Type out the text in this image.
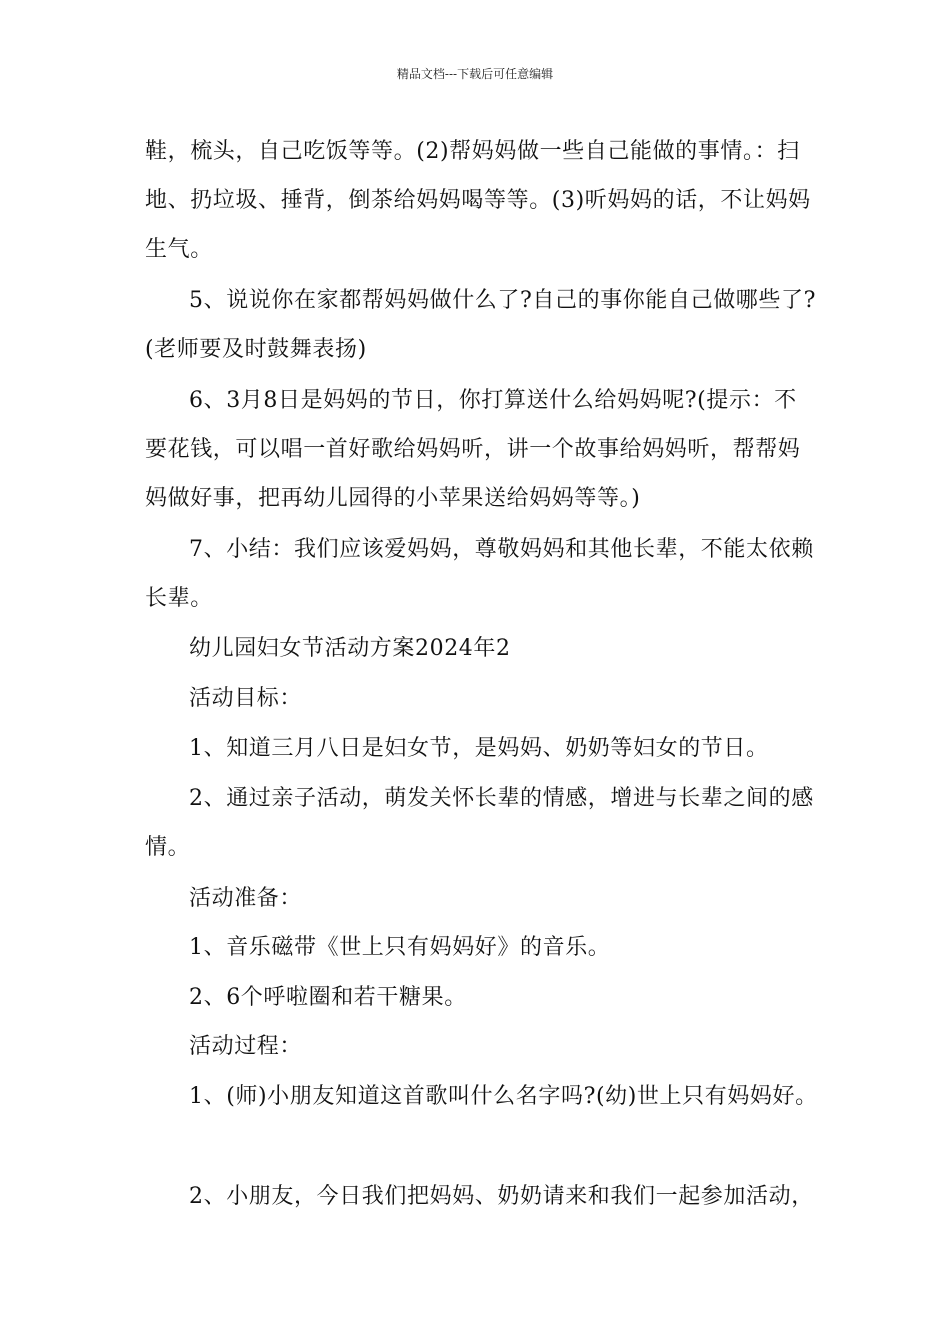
精品文档---下载后可任意编辑
鞋，梳头，自己吃饭等等。(2)帮妈妈做一些自己能做的事情。：扫
地、扔垃圾、捶背，倒茶给妈妈喝等等。(3)听妈妈的话，不让妈妈
生气。
5、说说你在家都帮妈妈做什么了?自己的事你能自己做哪些了?
(老师要及时鼓舞表扬)
6、3月8日是妈妈的节日，你打算送什么给妈妈呢?(提示：不
要花钱，可以唱一首好歌给妈妈听，讲一个故事给妈妈听，帮帮妈
妈做好事，把再幼儿园得的小苹果送给妈妈等等。)
7、小结：我们应该爱妈妈，尊敬妈妈和其他长辈，不能太依赖
长辈。
幼儿园妇女节活动方案2024年2
活动目标：
1、知道三月八日是妇女节，是妈妈、奶奶等妇女的节日。
2、通过亲子活动，萌发关怀长辈的情感，增进与长辈之间的感
情。
活动准备：
1、音乐磁带《世上只有妈妈好》的音乐。
2、6个呼啦圈和若干糖果。
活动过程：
1、(师)小朋友知道这首歌叫什么名字吗?(幼)世上只有妈妈好。
2、小朋友，今日我们把妈妈、奶奶请来和我们一起参加活动，
